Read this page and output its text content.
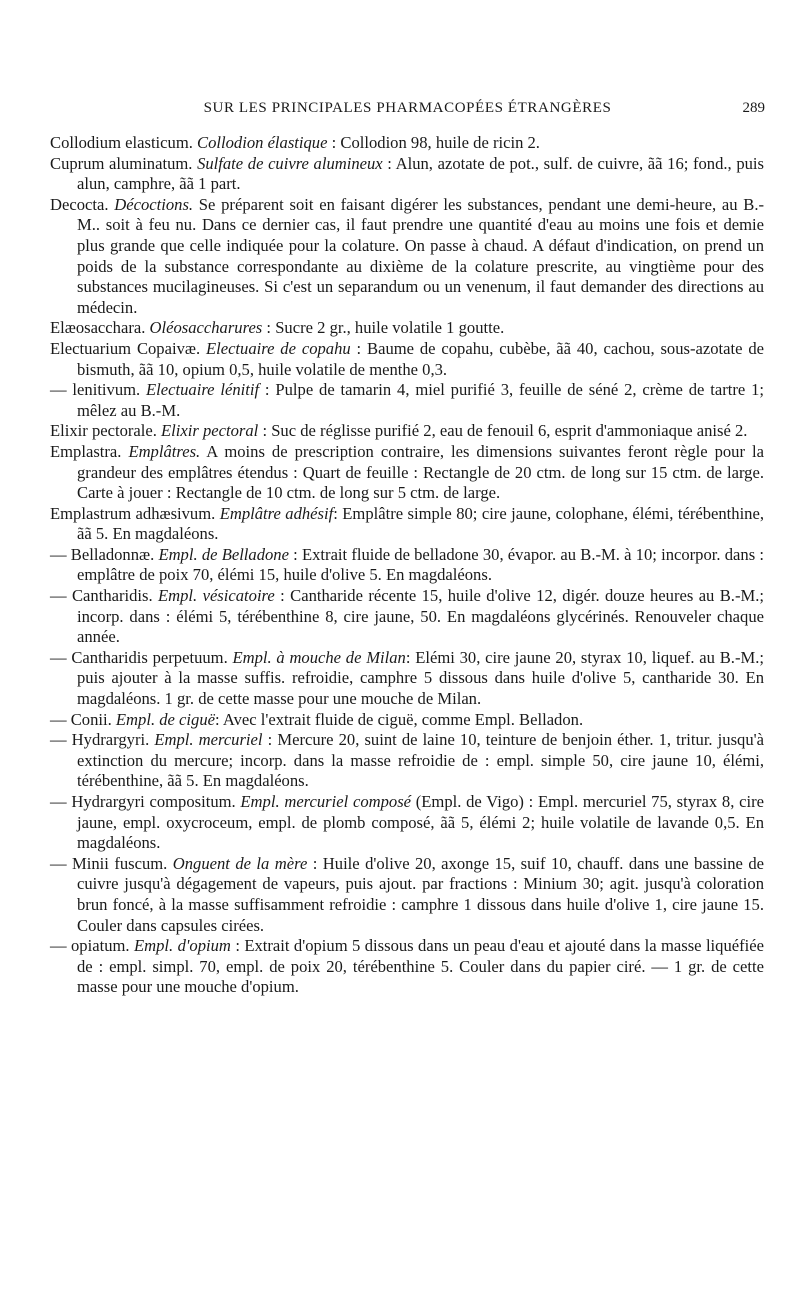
SUR LES PRINCIPALES PHARMACOPÉES ÉTRANGÈRES	289

Collodium elasticum. Collodion élastique : Collodion 98, huile de ricin 2.

Cuprum aluminatum. Sulfate de cuivre alumineux : Alun, azotate de pot., sulf. de cuivre, ãã 16; fond., puis alun, camphre, ãã 1 part.

Decocta. Décoctions. Se préparent soit en faisant digérer les substances, pendant une demi-heure, au B.-M.. soit à feu nu. Dans ce dernier cas, il faut prendre une quantité d'eau au moins une fois et demie plus grande que celle indiquée pour la colature. On passe à chaud. A défaut d'indication, on prend un poids de la substance correspondante au dixième de la colature prescrite, au vingtième pour des substances mucilagineuses. Si c'est un separandum ou un venenum, il faut demander des directions au médecin.

Elæosacchara. Oléosaccharures : Sucre 2 gr., huile volatile 1 goutte.

Electuarium Copaivæ. Electuaire de copahu : Baume de copahu, cubèbe, ãã 40, cachou, sous-azotate de bismuth, ãã 10, opium 0,5, huile volatile de menthe 0,3.

— lenitivum. Electuaire lénitif : Pulpe de tamarin 4, miel purifié 3, feuille de séné 2, crème de tartre 1; mêlez au B.-M.

Elixir pectorale. Elixir pectoral : Suc de réglisse purifié 2, eau de fenouil 6, esprit d'ammoniaque anisé 2.

Emplastra. Emplâtres. A moins de prescription contraire, les dimensions suivantes feront règle pour la grandeur des emplâtres étendus : Quart de feuille : Rectangle de 20 ctm. de long sur 15 ctm. de large. Carte à jouer : Rectangle de 10 ctm. de long sur 5 ctm. de large.

Emplastrum adhæsivum. Emplâtre adhésif: Emplâtre simple 80; cire jaune, colophane, élémi, térébenthine, ãã 5. En magdaléons.

— Belladonnæ. Empl. de Belladone : Extrait fluide de belladone 30, évapor. au B.-M. à 10; incorpor. dans : emplâtre de poix 70, élémi 15, huile d'olive 5. En magdaléons.

— Cantharidis. Empl. vésicatoire : Cantharide récente 15, huile d'olive 12, digér. douze heures au B.-M.; incorp. dans : élémi 5, térébenthine 8, cire jaune, 50. En magdaléons glycérinés. Renouveler chaque année.

— Cantharidis perpetuum. Empl. à mouche de Milan: Elémi 30, cire jaune 20, styrax 10, liquef. au B.-M.; puis ajouter à la masse suffis. refroidie, camphre 5 dissous dans huile d'olive 5, cantharide 30. En magdaléons. 1 gr. de cette masse pour une mouche de Milan.

— Conii. Empl. de ciguë: Avec l'extrait fluide de ciguë, comme Empl. Belladon.

— Hydrargyri. Empl. mercuriel : Mercure 20, suint de laine 10, teinture de benjoin éther. 1, tritur. jusqu'à extinction du mercure; incorp. dans la masse refroidie de : empl. simple 50, cire jaune 10, élémi, térébenthine, ãã 5. En magdaléons.

— Hydrargyri compositum. Empl. mercuriel composé (Empl. de Vigo) : Empl. mercuriel 75, styrax 8, cire jaune, empl. oxycroceum, empl. de plomb composé, ãã 5, élémi 2; huile volatile de lavande 0,5. En magdaléons.

— Minii fuscum. Onguent de la mère : Huile d'olive 20, axonge 15, suif 10, chauff. dans une bassine de cuivre jusqu'à dégagement de vapeurs, puis ajout. par fractions : Minium 30; agit. jusqu'à coloration brun foncé, à la masse suffisamment refroidie : camphre 1 dissous dans huile d'olive 1, cire jaune 15. Couler dans capsules cirées.

— opiatum. Empl. d'opium : Extrait d'opium 5 dissous dans un peau d'eau et ajouté dans la masse liquéfiée de : empl. simpl. 70, empl. de poix 20, térébenthine 5. Couler dans du papier ciré. — 1 gr. de cette masse pour une mouche d'opium.
